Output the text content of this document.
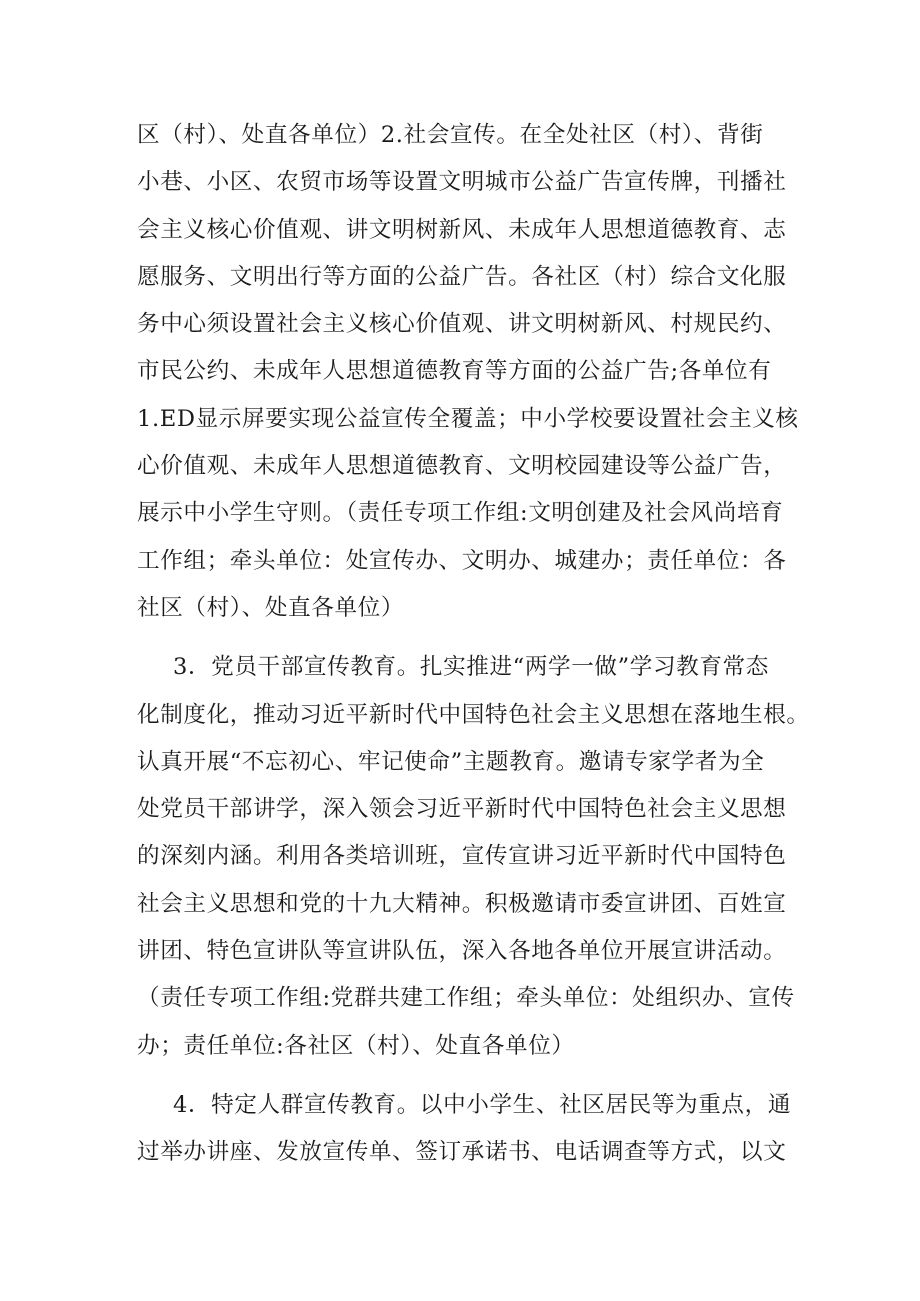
区（村）、处直各单位）2.社会宣传。在全处社区（村）、背街
小巷、小区、农贸市场等设置文明城市公益广告宣传牌，刊播社
会主义核心价值观、讲文明树新风、未成年人思想道德教育、志
愿服务、文明出行等方面的公益广告。各社区（村）综合文化服
务中心须设置社会主义核心价值观、讲文明树新风、村规民约、
市民公约、未成年人思想道德教育等方面的公益广告;各单位有
1.ED显示屏要实现公益宣传全覆盖；中小学校要设置社会主义核
心价值观、未成年人思想道德教育、文明校园建设等公益广告，
展示中小学生守则。（责任专项工作组:文明创建及社会风尚培育
工作组；牵头单位：处宣传办、文明办、城建办；责任单位：各
社区（村）、处直各单位）
3．党员干部宣传教育。扎实推进“两学一做”学习教育常态
化制度化，推动习近平新时代中国特色社会主义思想在落地生根。
认真开展“不忘初心、牢记使命”主题教育。邀请专家学者为全
处党员干部讲学，深入领会习近平新时代中国特色社会主义思想
的深刻内涵。利用各类培训班，宣传宣讲习近平新时代中国特色
社会主义思想和党的十九大精神。积极邀请市委宣讲团、百姓宣
讲团、特色宣讲队等宣讲队伍，深入各地各单位开展宣讲活动。
（责任专项工作组:党群共建工作组；牵头单位：处组织办、宣传
办；责任单位:各社区（村）、处直各单位）
4．特定人群宣传教育。以中小学生、社区居民等为重点，通
过举办讲座、发放宣传单、签订承诺书、电话调查等方式，以文
